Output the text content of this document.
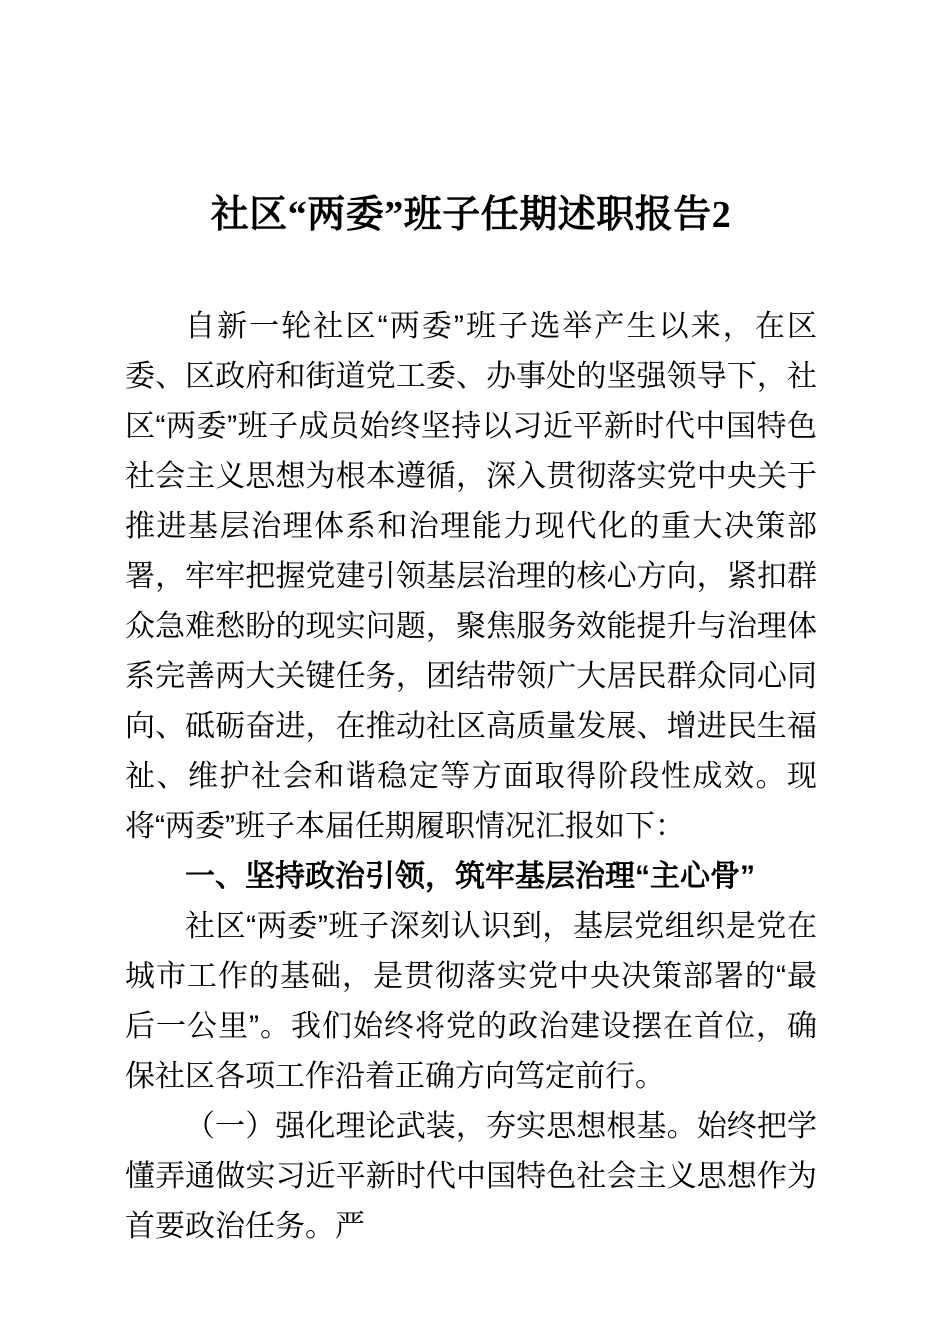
社区“两委”班子任期述职报告2

自新一轮社区“两委”班子选举产生以来，在区委、区政府和街道党工委、办事处的坚强领导下，社区“两委”班子成员始终坚持以习近平新时代中国特色社会主义思想为根本遵循，深入贯彻落实党中央关于推进基层治理体系和治理能力现代化的重大决策部署，牢牢把握党建引领基层治理的核心方向，紧扣群众急难愁盼的现实问题，聚焦服务效能提升与治理体系完善两大关键任务，团结带领广大居民群众同心同向、砥砺奋进，在推动社区高质量发展、增进民生福祉、维护社会和谐稳定等方面取得阶段性成效。现将“两委”班子本届任期履职情况汇报如下：

一、坚持政治引领，筑牢基层治理“主心骨”

社区“两委”班子深刻认识到，基层党组织是党在城市工作的基础，是贯彻落实党中央决策部署的“最后一公里”。我们始终将党的政治建设摆在首位，确保社区各项工作沿着正确方向笃定前行。

（一）强化理论武装，夯实思想根基。始终把学懂弄通做实习近平新时代中国特色社会主义思想作为首要政治任务。严
